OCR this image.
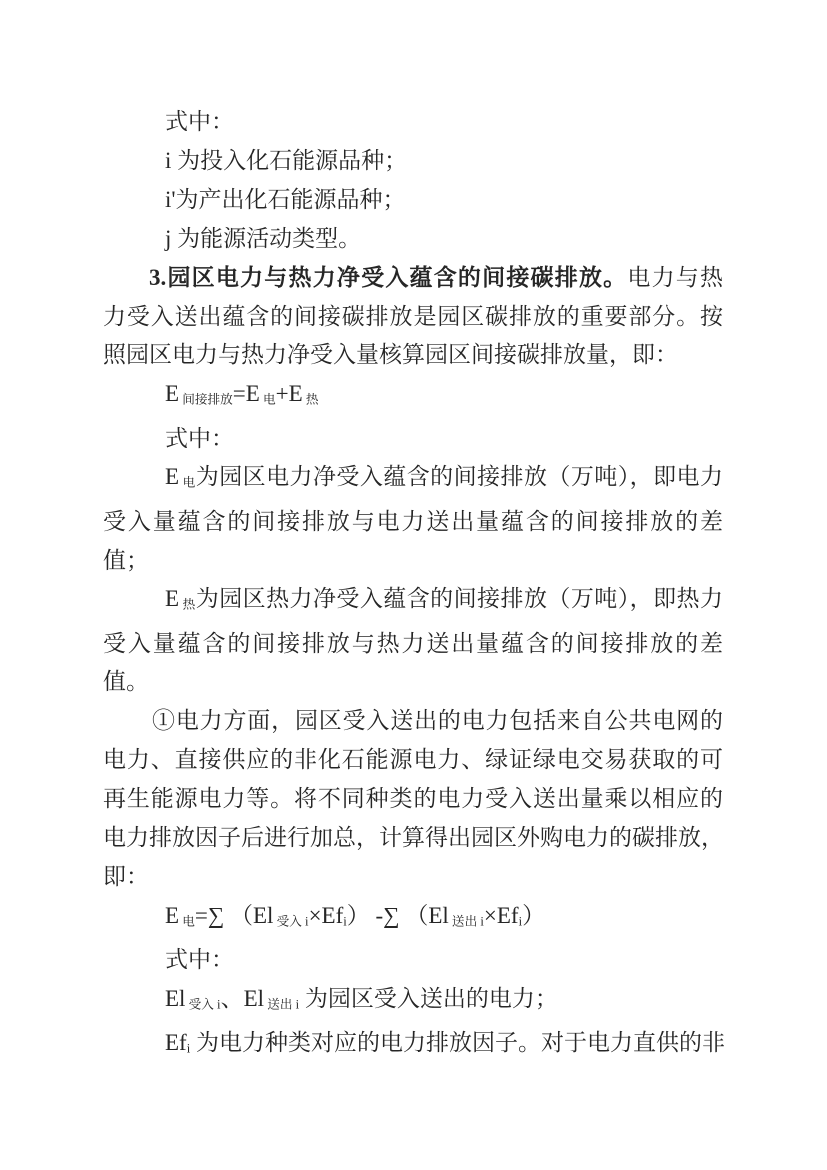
式中：
i 为投入化石能源品种；
i'为产出化石能源品种；
j 为能源活动类型。
3.园区电力与热力净受入蕴含的间接碳排放。电力与热
力受入送出蕴含的间接碳排放是园区碳排放的重要部分。按
照园区电力与热力净受入量核算园区间接碳排放量，即：
E 间接排放=E 电+E 热
式中：
E 电为园区电力净受入蕴含的间接排放（万吨），即电力
受入量蕴含的间接排放与电力送出量蕴含的间接排放的差
值；
E 热为园区热力净受入蕴含的间接排放（万吨），即热力
受入量蕴含的间接排放与热力送出量蕴含的间接排放的差
值。
①电力方面，园区受入送出的电力包括来自公共电网的
电力、直接供应的非化石能源电力、绿证绿电交易获取的可
再生能源电力等。将不同种类的电力受入送出量乘以相应的
电力排放因子后进行加总，计算得出园区外购电力的碳排放，
即：
E 电=∑ （El 受入 i×Efi） -∑ （El 送出 i×Efi）
式中：
El 受入 i、El 送出 i 为园区受入送出的电力；
Efi 为电力种类对应的电力排放因子。对于电力直供的非
